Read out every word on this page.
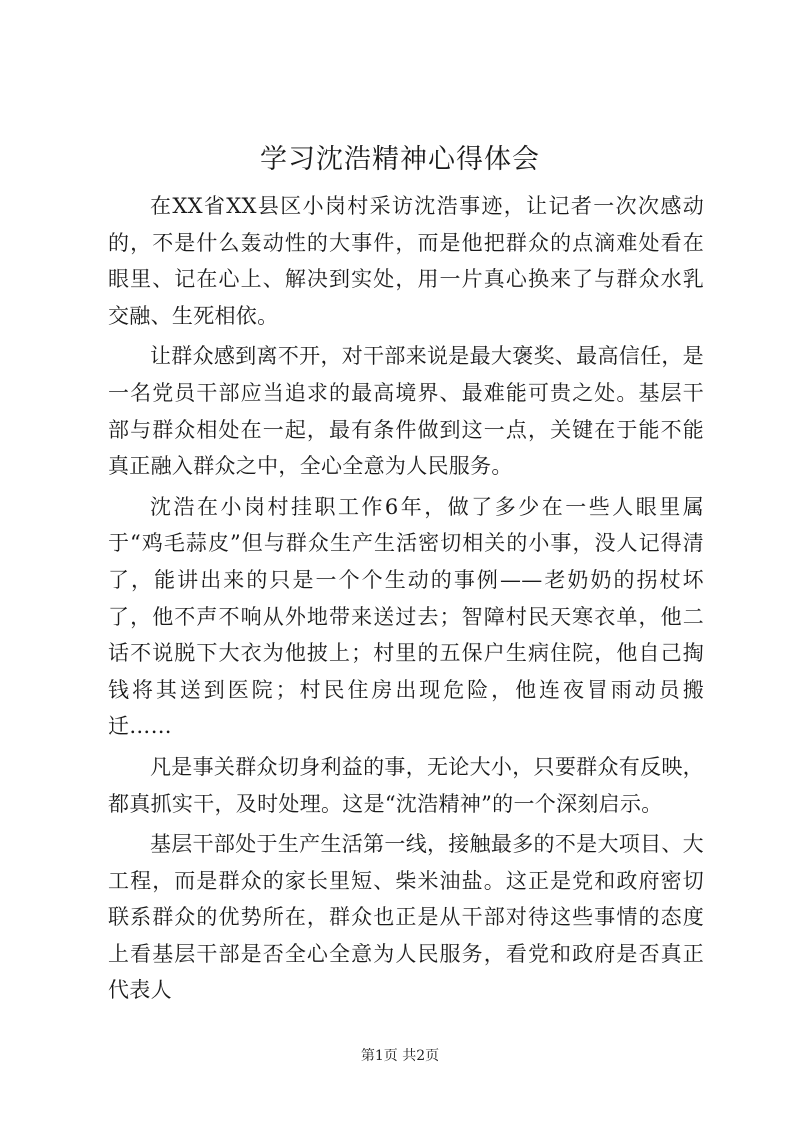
学习沈浩精神心得体会

在XX省XX县区小岗村采访沈浩事迹，让记者一次次感动的，不是什么轰动性的大事件，而是他把群众的点滴难处看在眼里、记在心上、解决到实处，用一片真心换来了与群众水乳交融、生死相依。

让群众感到离不开，对干部来说是最大褒奖、最高信任，是一名党员干部应当追求的最高境界、最难能可贵之处。基层干部与群众相处在一起，最有条件做到这一点，关键在于能不能真正融入群众之中，全心全意为人民服务。

沈浩在小岗村挂职工作6年，做了多少在一些人眼里属于“鸡毛蒜皮”但与群众生产生活密切相关的小事，没人记得清了，能讲出来的只是一个个生动的事例——老奶奶的拐杖坏了，他不声不响从外地带来送过去；智障村民天寒衣单，他二话不说脱下大衣为他披上；村里的五保户生病住院，他自己掏钱将其送到医院；村民住房出现危险，他连夜冒雨动员搬迁……

凡是事关群众切身利益的事，无论大小，只要群众有反映，都真抓实干，及时处理。这是“沈浩精神”的一个深刻启示。

基层干部处于生产生活第一线，接触最多的不是大项目、大工程，而是群众的家长里短、柴米油盐。这正是党和政府密切联系群众的优势所在，群众也正是从干部对待这些事情的态度上看基层干部是否全心全意为人民服务，看党和政府是否真正代表人

第1页 共2页
